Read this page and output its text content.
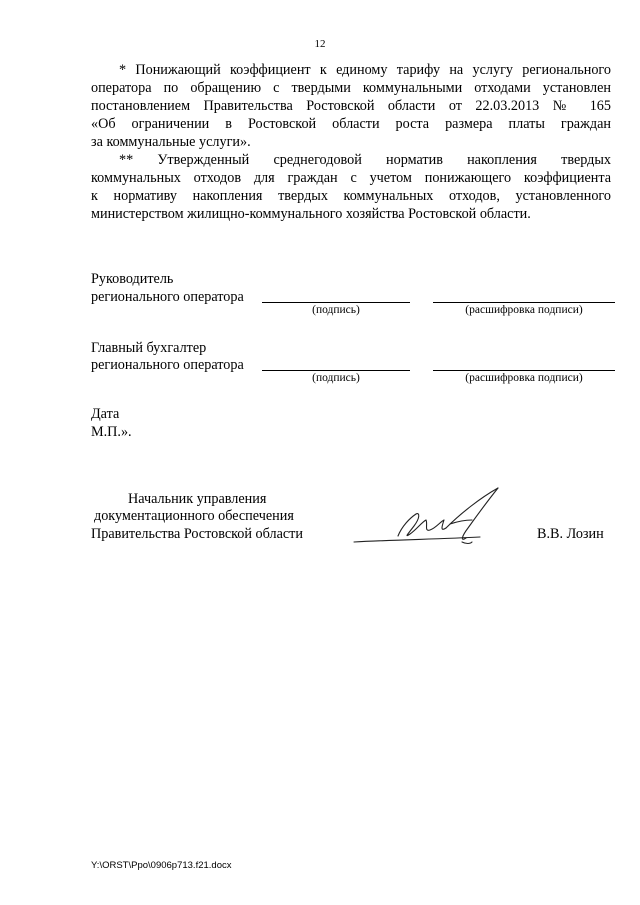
12
* Понижающий коэффициент к единому тарифу на услугу регионального
оператора по обращению с твердыми коммунальными отходами установлен
постановлением Правительства Ростовской области от 22.03.2013 № 165
«Об ограничении в Ростовской области роста размера платы граждан
за коммунальные услуги».
** Утвержденный среднегодовой норматив накопления твердых
коммунальных отходов для граждан с учетом понижающего коэффициента
к нормативу накопления твердых коммунальных отходов, установленного
министерством жилищно-коммунального хозяйства Ростовской области.
Руководитель
регионального оператора
(подпись)	(расшифровка подписи)
Главный бухгалтер
регионального оператора
(подпись)	(расшифровка подписи)
Дата
М.П.».
Начальник управления
документационного обеспечения
Правительства Ростовской области	В.В. Лозин
Y:\ORST\Ppo\0906p713.f21.docx
